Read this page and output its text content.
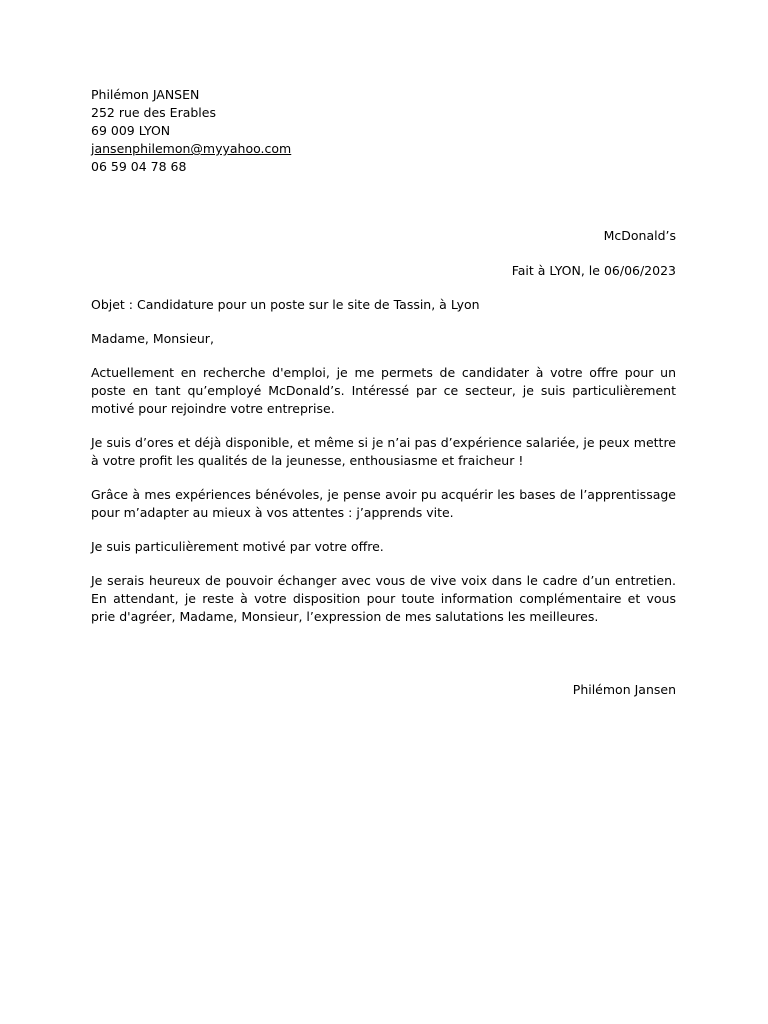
Philémon JANSEN
252 rue des Erables
69 009 LYON
jansenphilemon@myyahoo.com
06 59 04 78 68
McDonald’s
Fait à LYON, le 06/06/2023

Objet : Candidature pour un poste sur le site de Tassin, à Lyon

Madame, Monsieur,

Actuellement en recherche d'emploi, je me permets de candidater à votre offre pour un poste en tant qu’employé McDonald’s. Intéressé par ce secteur, je suis particulièrement motivé pour rejoindre votre entreprise.

Je suis d’ores et déjà disponible, et même si je n’ai pas d’expérience salariée, je peux mettre à votre profit les qualités de la jeunesse, enthousiasme et fraicheur !

Grâce à mes expériences bénévoles, je pense avoir pu acquérir les bases de l’apprentissage pour m’adapter au mieux à vos attentes : j’apprends vite.

Je suis particulièrement motivé par votre offre.

Je serais heureux de pouvoir échanger avec vous de vive voix dans le cadre d’un entretien. En attendant, je reste à votre disposition pour toute information complémentaire et vous prie d'agréer, Madame, Monsieur, l’expression de mes salutations les meilleures.

Philémon Jansen
